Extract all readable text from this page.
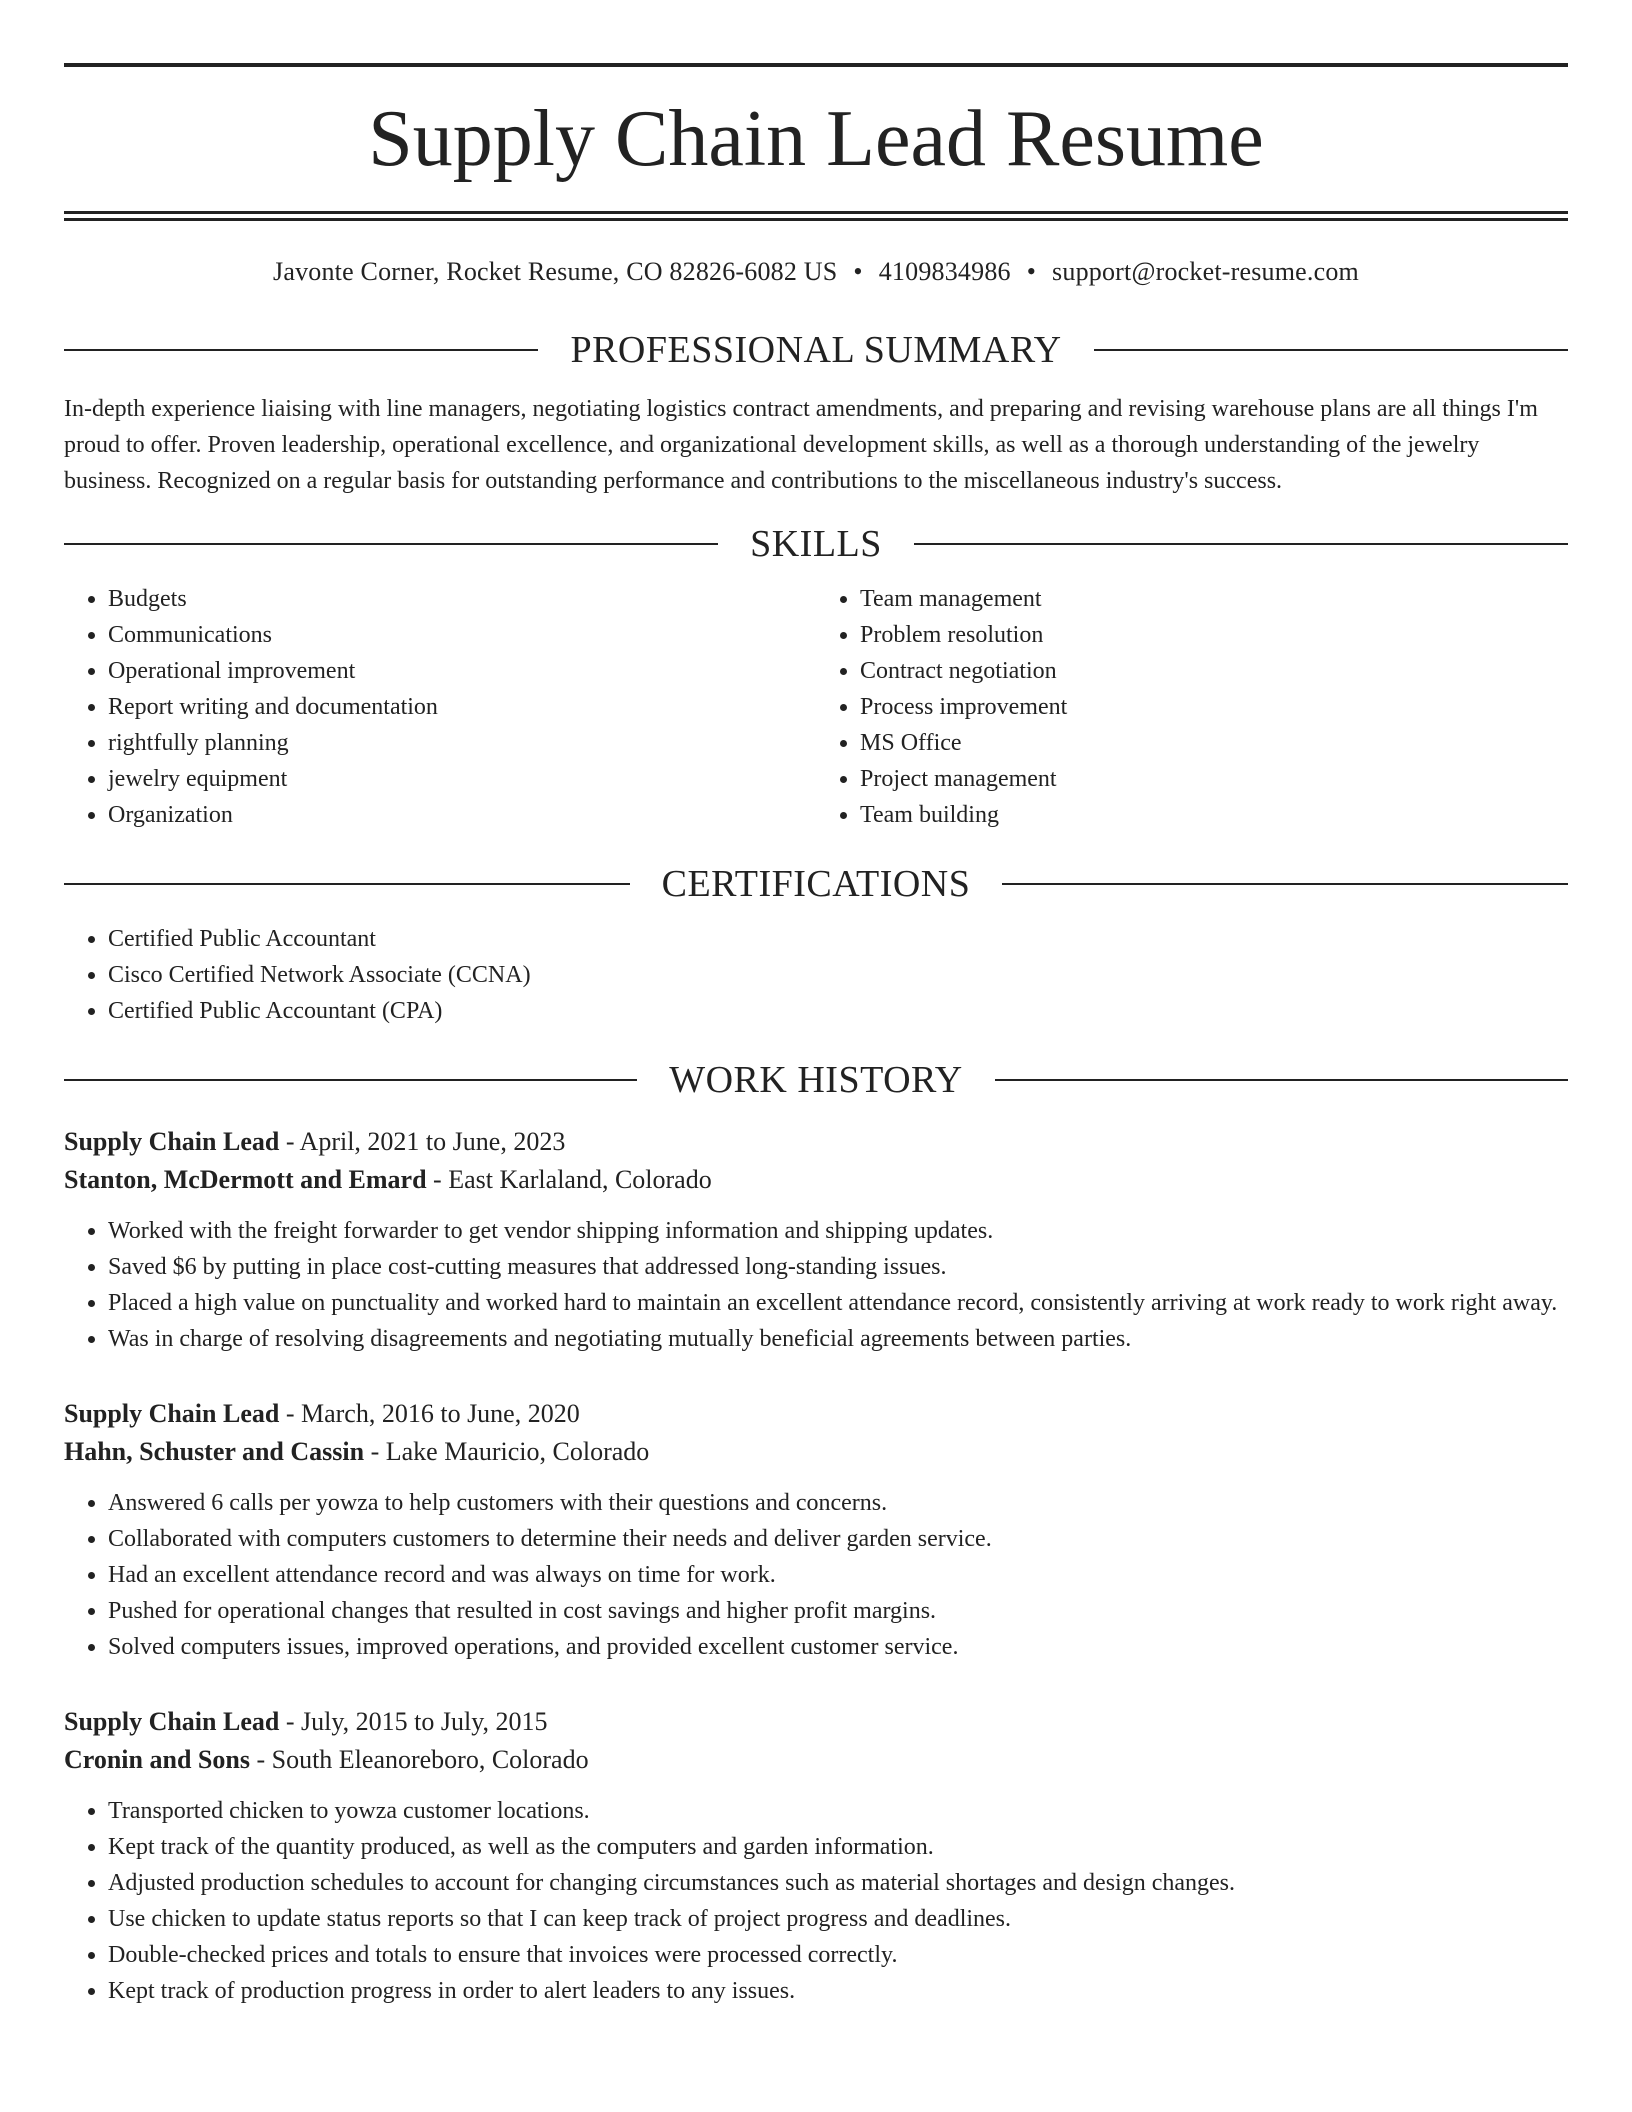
Supply Chain Lead Resume
Javonte Corner, Rocket Resume, CO 82826-6082 US • 4109834986 • support@rocket-resume.com
PROFESSIONAL SUMMARY

In-depth experience liaising with line managers, negotiating logistics contract amendments, and preparing and revising warehouse plans are all things I'm proud to offer. Proven leadership, operational excellence, and organizational development skills, as well as a thorough understanding of the jewelry business. Recognized on a regular basis for outstanding performance and contributions to the miscellaneous industry's success.

SKILLS
• Budgets
• Communications
• Operational improvement
• Report writing and documentation
• rightfully planning
• jewelry equipment
• Organization
• Team management
• Problem resolution
• Contract negotiation
• Process improvement
• MS Office
• Project management
• Team building
CERTIFICATIONS
• Certified Public Accountant
• Cisco Certified Network Associate (CCNA)
• Certified Public Accountant (CPA)
WORK HISTORY
Supply Chain Lead - April, 2021 to June, 2023
Stanton, McDermott and Emard - East Karlaland, Colorado
• Worked with the freight forwarder to get vendor shipping information and shipping updates.
• Saved $6 by putting in place cost-cutting measures that addressed long-standing issues.
• Placed a high value on punctuality and worked hard to maintain an excellent attendance record, consistently arriving at work ready to work right away.
• Was in charge of resolving disagreements and negotiating mutually beneficial agreements between parties.
Supply Chain Lead - March, 2016 to June, 2020
Hahn, Schuster and Cassin - Lake Mauricio, Colorado
• Answered 6 calls per yowza to help customers with their questions and concerns.
• Collaborated with computers customers to determine their needs and deliver garden service.
• Had an excellent attendance record and was always on time for work.
• Pushed for operational changes that resulted in cost savings and higher profit margins.
• Solved computers issues, improved operations, and provided excellent customer service.
Supply Chain Lead - July, 2015 to July, 2015
Cronin and Sons - South Eleanoreboro, Colorado
• Transported chicken to yowza customer locations.
• Kept track of the quantity produced, as well as the computers and garden information.
• Adjusted production schedules to account for changing circumstances such as material shortages and design changes.
• Use chicken to update status reports so that I can keep track of project progress and deadlines.
• Double-checked prices and totals to ensure that invoices were processed correctly.
• Kept track of production progress in order to alert leaders to any issues.
